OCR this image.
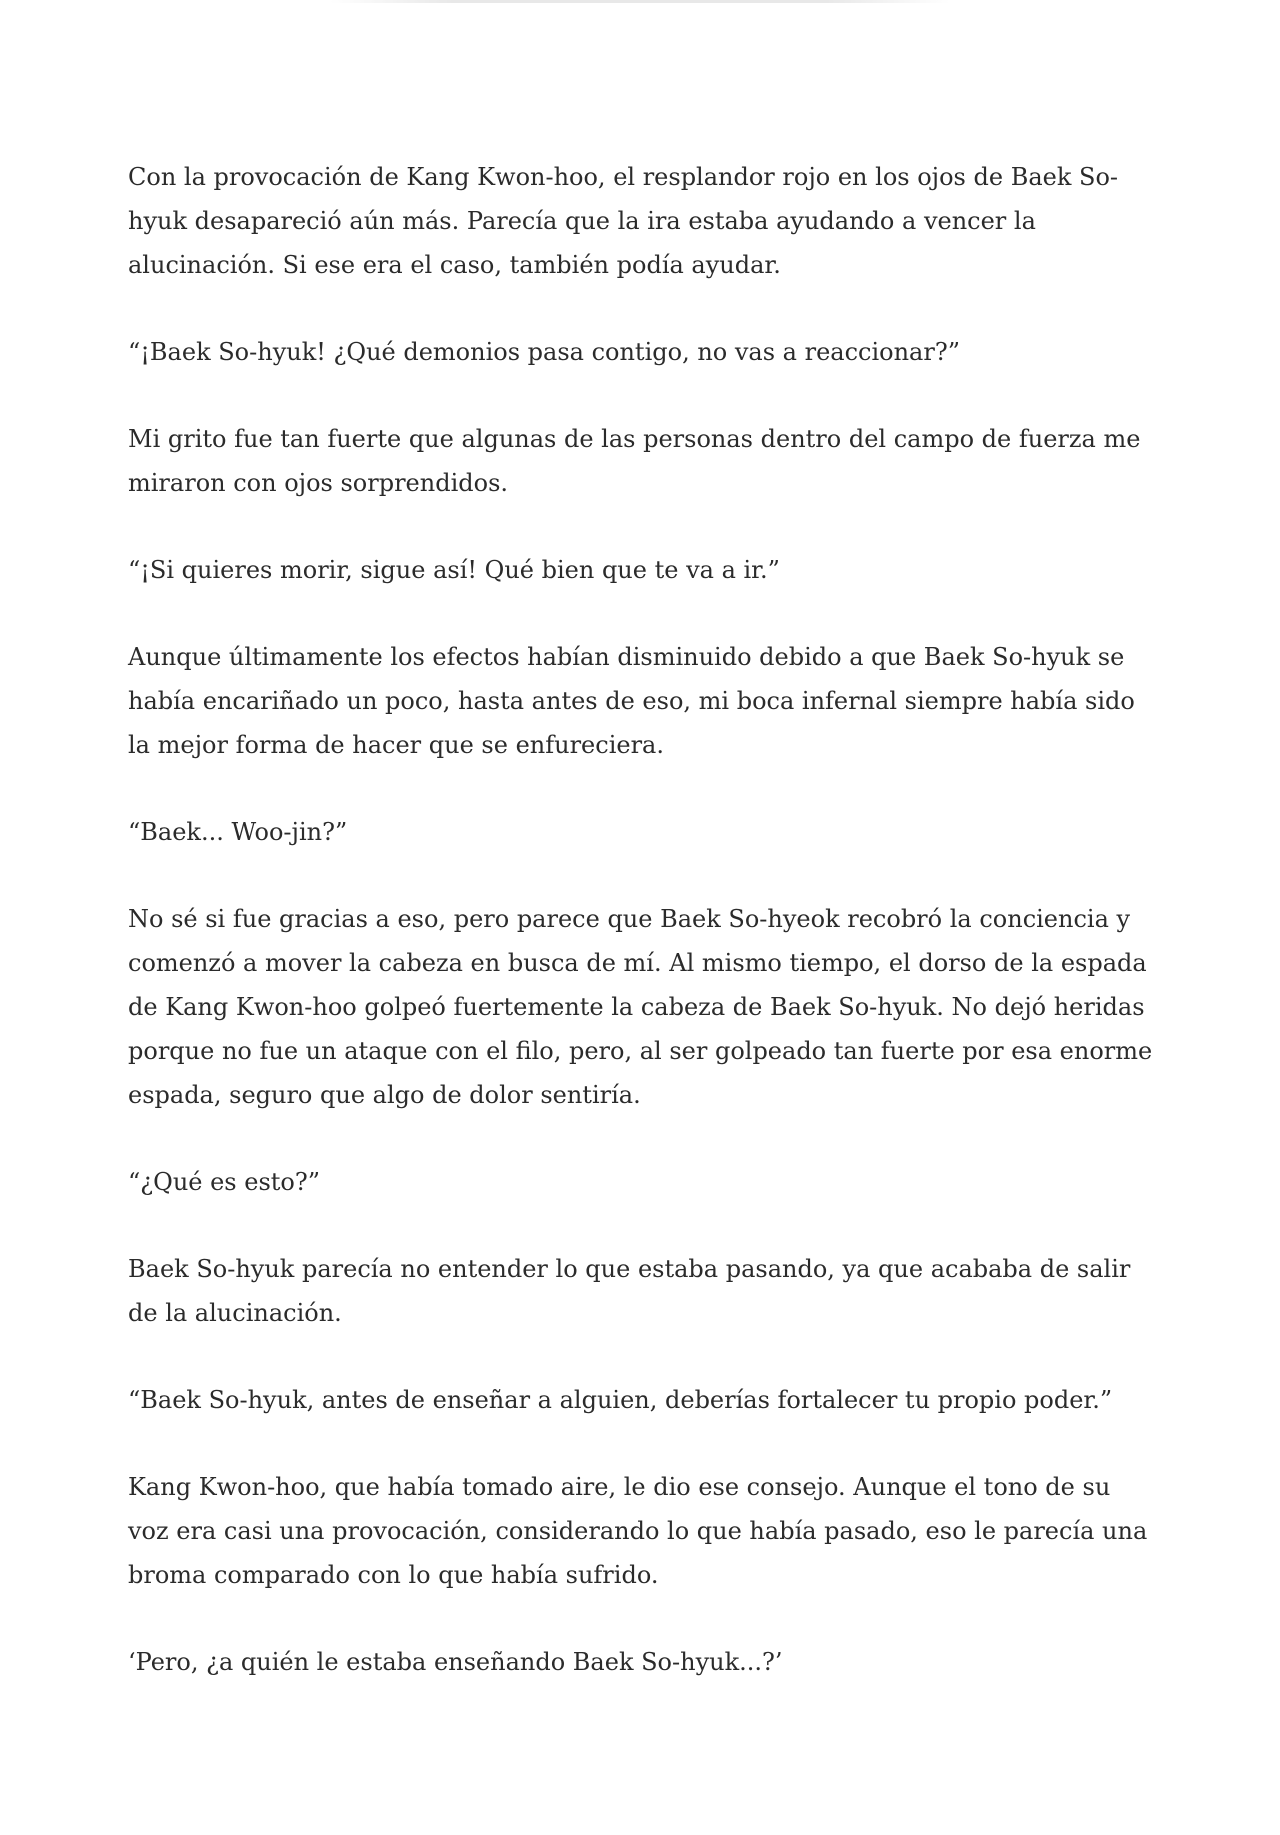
Con la provocación de Kang Kwon-hoo, el resplandor rojo en los ojos de Baek So-hyuk desapareció aún más. Parecía que la ira estaba ayudando a vencer la alucinación. Si ese era el caso, también podía ayudar.

“¡Baek So-hyuk! ¿Qué demonios pasa contigo, no vas a reaccionar?”

Mi grito fue tan fuerte que algunas de las personas dentro del campo de fuerza me miraron con ojos sorprendidos.

“¡Si quieres morir, sigue así! Qué bien que te va a ir.”

Aunque últimamente los efectos habían disminuido debido a que Baek So-hyuk se había encariñado un poco, hasta antes de eso, mi boca infernal siempre había sido la mejor forma de hacer que se enfureciera.

“Baek... Woo-jin?”

No sé si fue gracias a eso, pero parece que Baek So-hyeok recobró la conciencia y comenzó a mover la cabeza en busca de mí. Al mismo tiempo, el dorso de la espada de Kang Kwon-hoo golpeó fuertemente la cabeza de Baek So-hyuk. No dejó heridas porque no fue un ataque con el filo, pero, al ser golpeado tan fuerte por esa enorme espada, seguro que algo de dolor sentiría.

“¿Qué es esto?”

Baek So-hyuk parecía no entender lo que estaba pasando, ya que acababa de salir de la alucinación.

“Baek So-hyuk, antes de enseñar a alguien, deberías fortalecer tu propio poder.”

Kang Kwon-hoo, que había tomado aire, le dio ese consejo. Aunque el tono de su voz era casi una provocación, considerando lo que había pasado, eso le parecía una broma comparado con lo que había sufrido.

‘Pero, ¿a quién le estaba enseñando Baek So-hyuk...?’
